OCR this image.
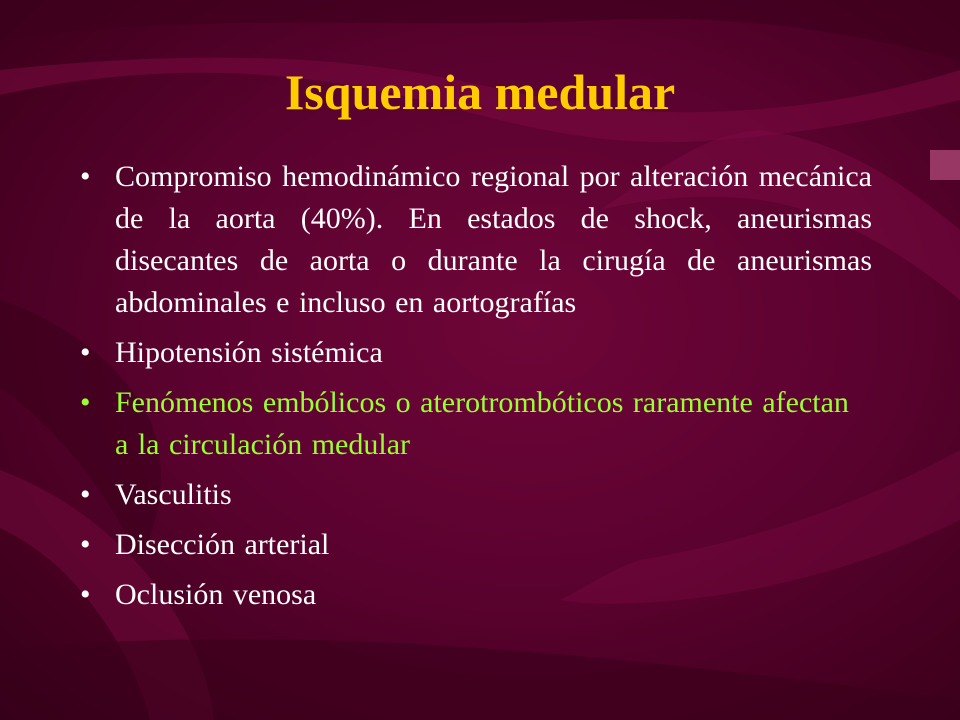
Isquemia medular
• Compromiso hemodinámico regional por alteración mecánica de la aorta (40%). En estados de shock, aneurismas disecantes de aorta o durante la cirugía de aneurismas abdominales e incluso en aortografías
• Hipotensión sistémica
• Fenómenos embólicos o aterotrombóticos raramente afectan a la circulación medular
• Vasculitis
• Disección arterial
• Oclusión venosa
